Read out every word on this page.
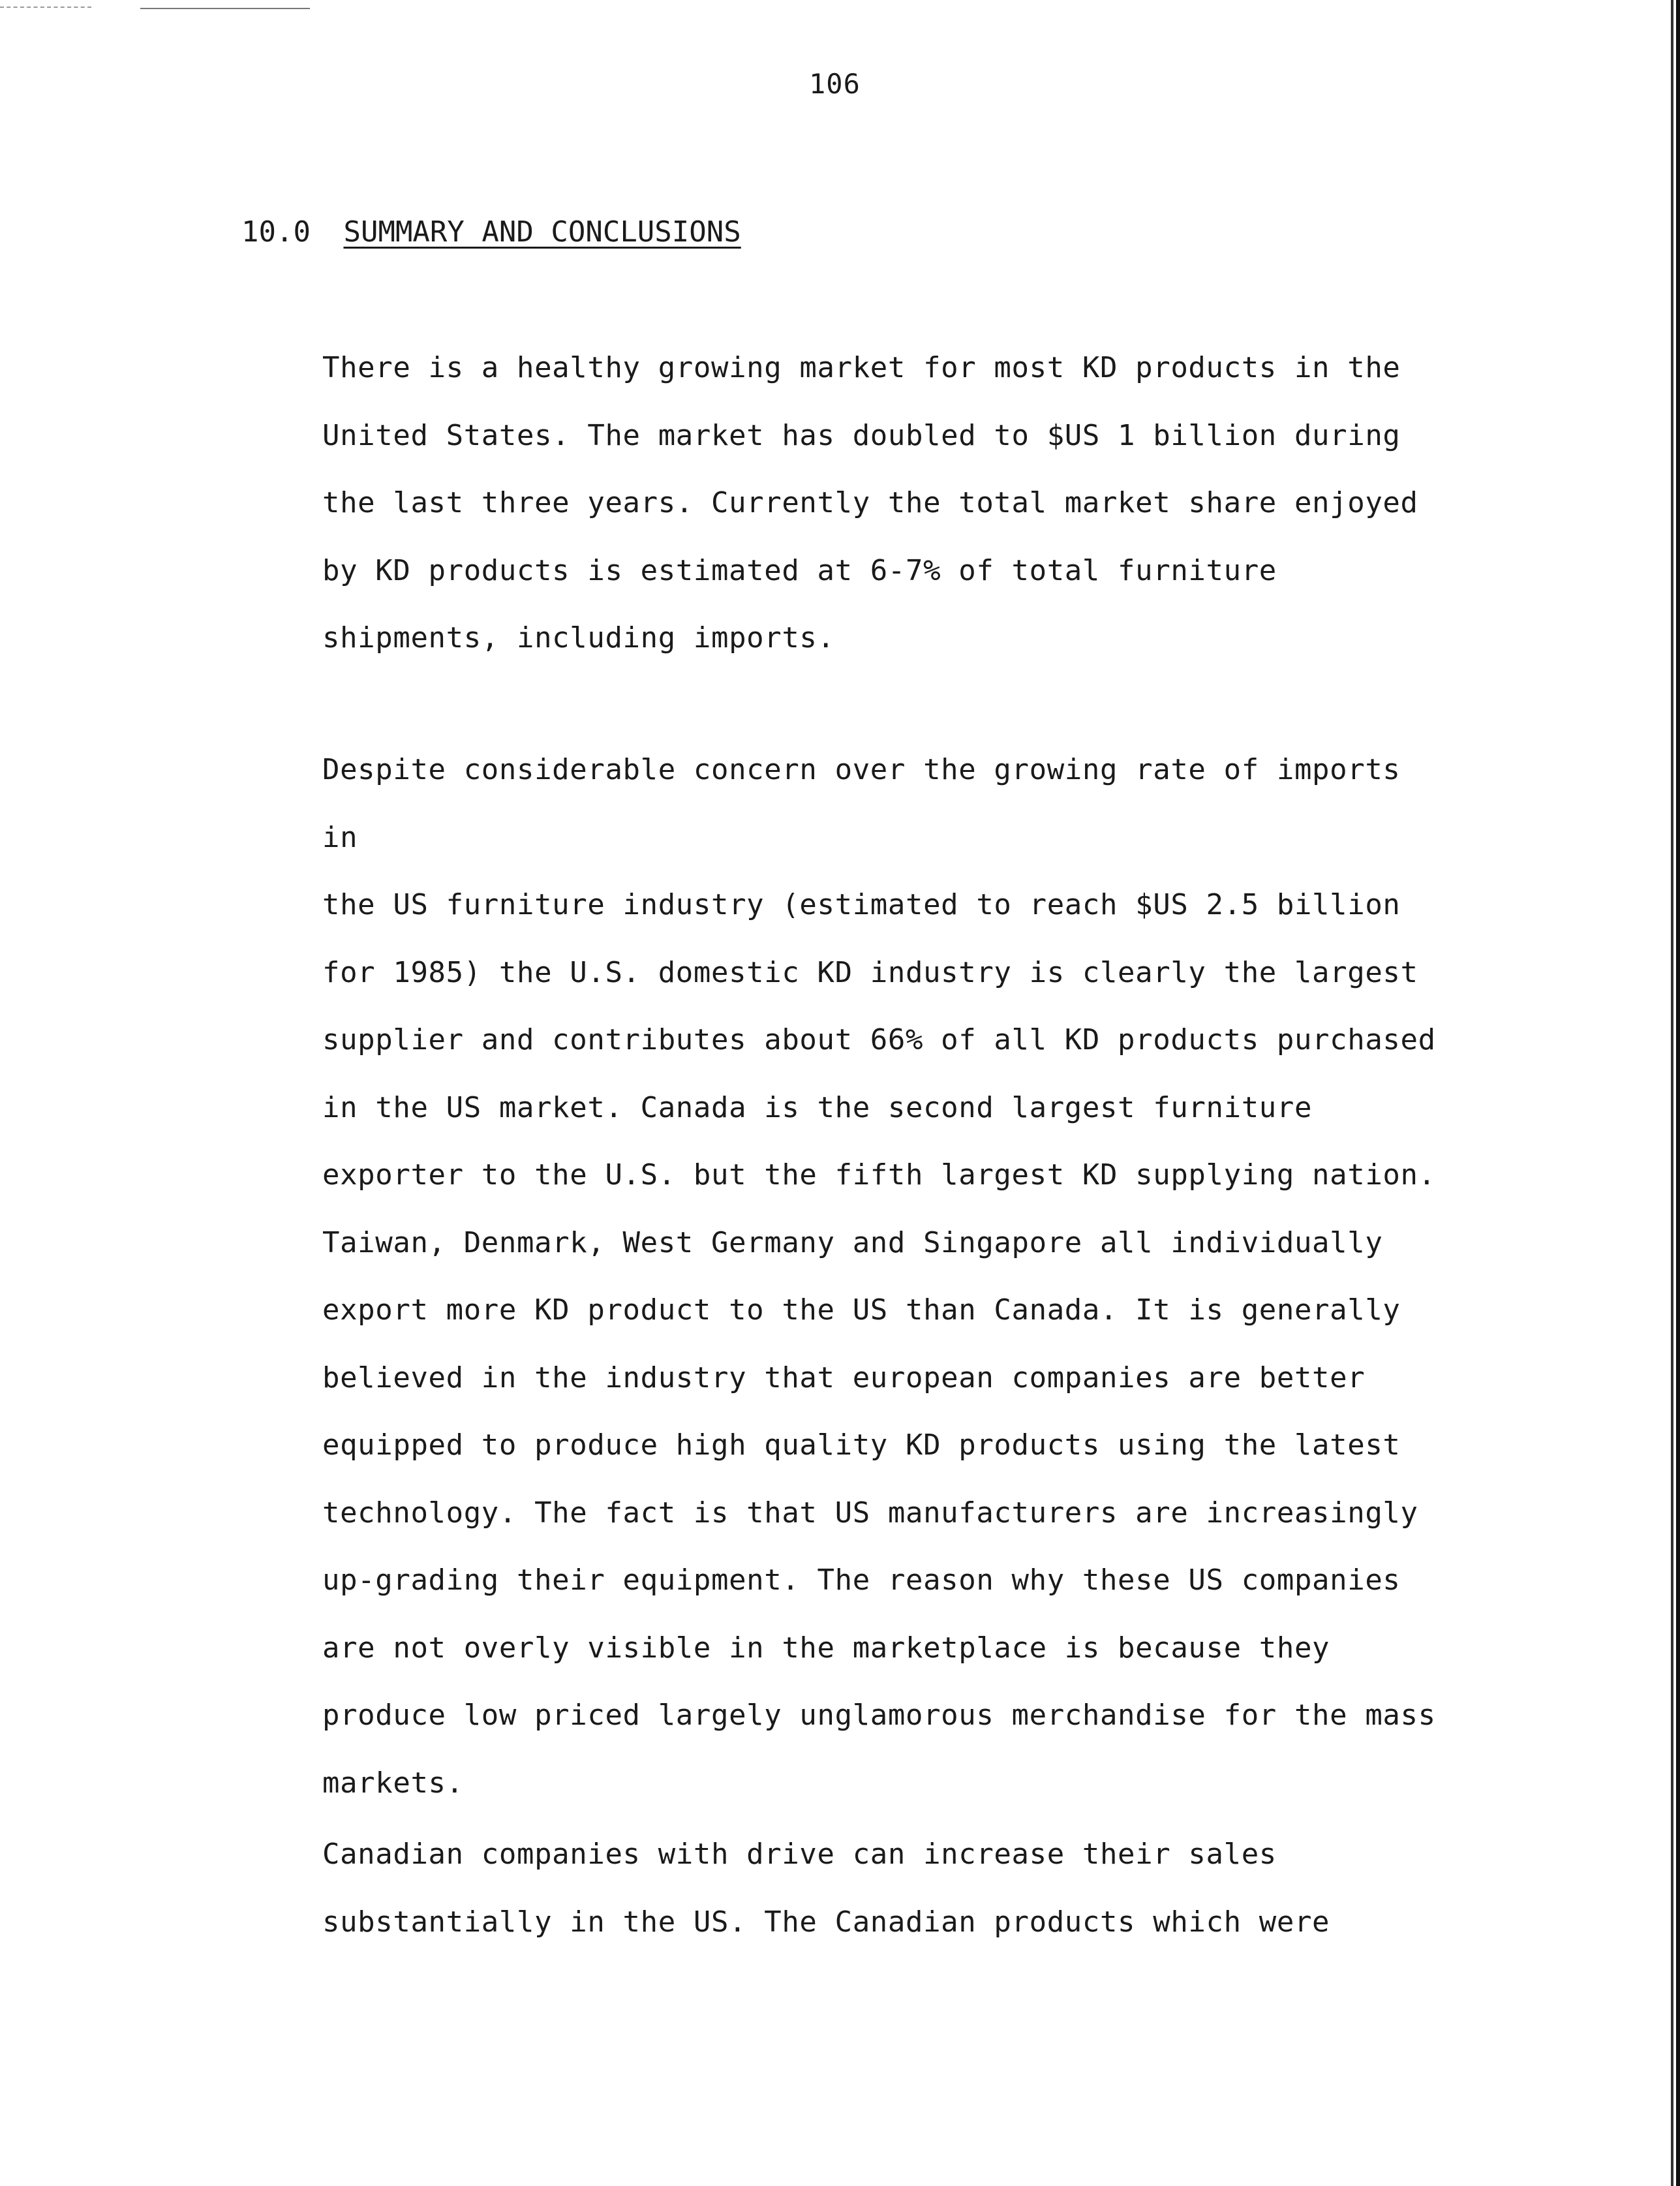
106
10.0 SUMMARY AND CONCLUSIONS
There is a healthy growing market for most KD products in the
United States. The market has doubled to $US 1 billion during
the last three years. Currently the total market share enjoyed
by KD products is estimated at 6-7% of total furniture
shipments, including imports.
Despite considerable concern over the growing rate of imports in
the US furniture industry (estimated to reach $US 2.5 billion
for 1985) the U.S. domestic KD industry is clearly the largest
supplier and contributes about 66% of all KD products purchased
in the US market. Canada is the second largest furniture
exporter to the U.S. but the fifth largest KD supplying nation.
Taiwan, Denmark, West Germany and Singapore all individually
export more KD product to the US than Canada. It is generally
believed in the industry that european companies are better
equipped to produce high quality KD products using the latest
technology. The fact is that US manufacturers are increasingly
up-grading their equipment. The reason why these US companies
are not overly visible in the marketplace is because they
produce low priced largely unglamorous merchandise for the mass
markets.
Canadian companies with drive can increase their sales
substantially in the US. The Canadian products which were
